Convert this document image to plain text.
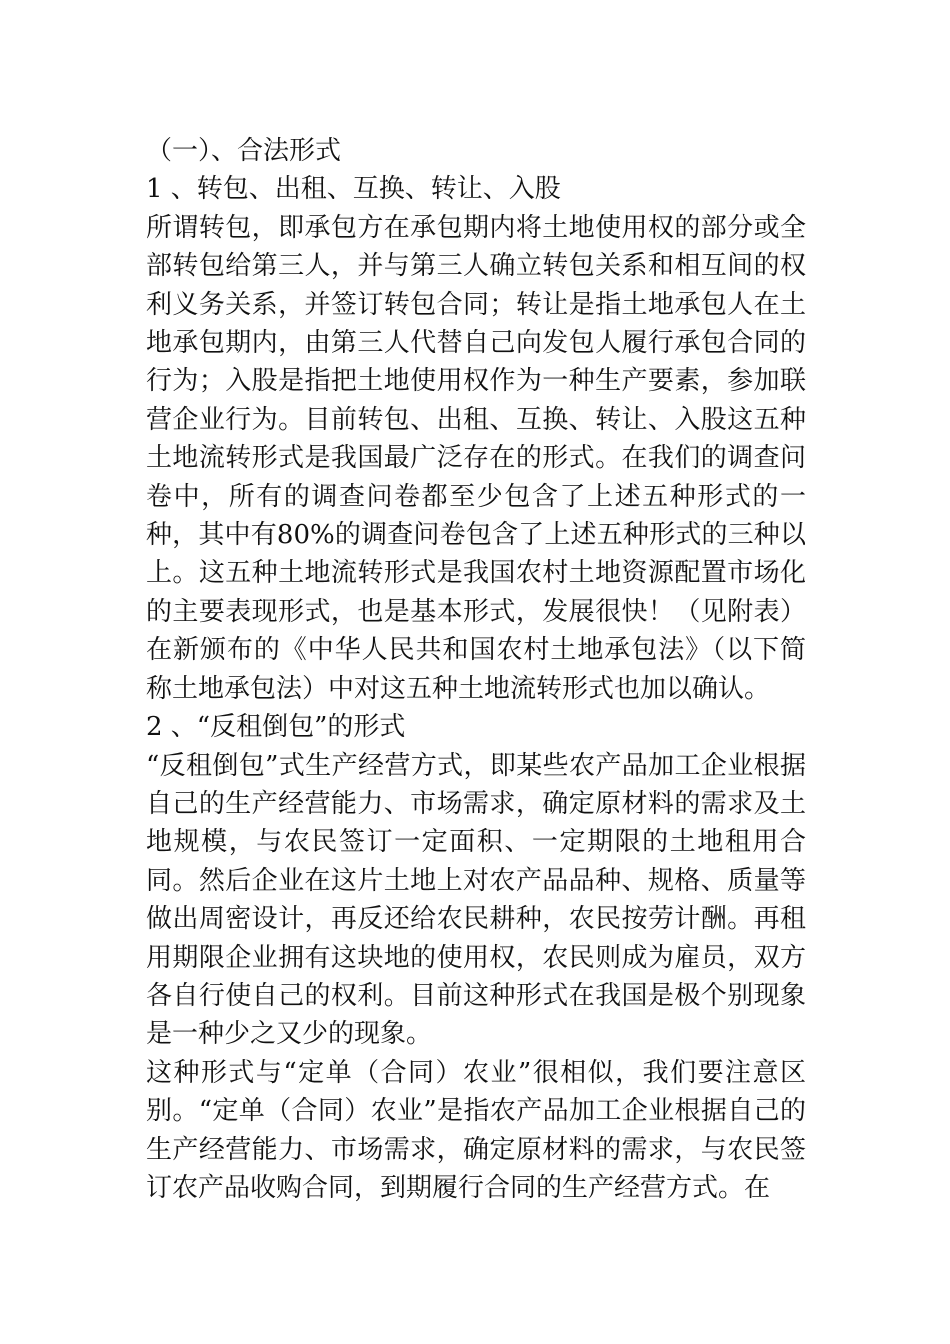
（一）、合法形式

1 、转包、出租、互换、转让、入股

所谓转包，即承包方在承包期内将土地使用权的部分或全部转包给第三人，并与第三人确立转包关系和相互间的权利义务关系，并签订转包合同；转让是指土地承包人在土地承包期内，由第三人代替自己向发包人履行承包合同的行为；入股是指把土地使用权作为一种生产要素，参加联营企业行为。目前转包、出租、互换、转让、入股这五种土地流转形式是我国最广泛存在的形式。在我们的调查问卷中，所有的调查问卷都至少包含了上述五种形式的一种，其中有80%的调查问卷包含了上述五种形式的三种以上。这五种土地流转形式是我国农村土地资源配置市场化的主要表现形式，也是基本形式，发展很快！（见附表）在新颁布的《中华人民共和国农村土地承包法》（以下简称土地承包法）中对这五种土地流转形式也加以确认。

2 、“反租倒包”的形式

“反租倒包”式生产经营方式，即某些农产品加工企业根据自己的生产经营能力、市场需求，确定原材料的需求及土地规模，与农民签订一定面积、一定期限的土地租用合同。然后企业在这片土地上对农产品品种、规格、质量等做出周密设计，再反还给农民耕种，农民按劳计酬。再租用期限企业拥有这块地的使用权，农民则成为雇员，双方各自行使自己的权利。目前这种形式在我国是极个别现象是一种少之又少的现象。

这种形式与“定单（合同）农业”很相似，我们要注意区别。“定单（合同）农业”是指农产品加工企业根据自己的生产经营能力、市场需求，确定原材料的需求，与农民签订农产品收购合同，到期履行合同的生产经营方式。在
